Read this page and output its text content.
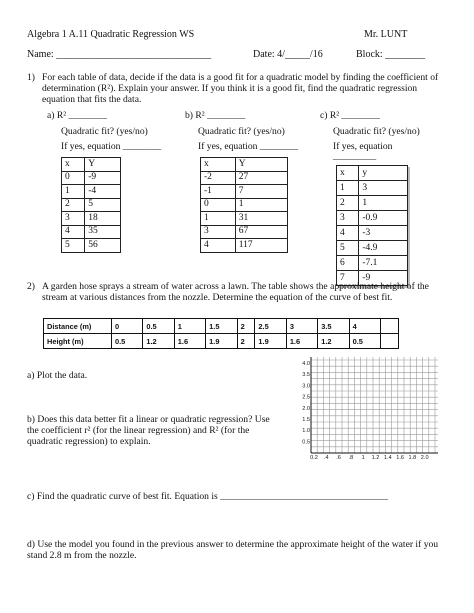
Algebra 1 A.11 Quadratic Regression WS	Mr. LUNT
Name: _______________________________	Date: 4/_____/16	Block: ________
1) For each table of data, decide if the data is a good fit for a quadratic model by finding the coefficient of determination (R²). Explain your answer. If you think it is a good fit, find the quadratic regression equation that fits the data.
a) R² ________
Quadratic fit? (yes/no)
If yes, equation ________
x	Y
0	-9
1	-4
2	5
3	18
4	35
5	56
b) R² ________
Quadratic fit? (yes/no)
If yes, equation ________
x	Y
-2	27
-1	7
0	1
1	31
3	67
4	117
c) R² ________
Quadratic fit? (yes/no)
If yes, equation
_________
x	y
1	3
2	1
3	-0.9
4	-3
5	-4.9
6	-7.1
7	-9
2) A garden hose sprays a stream of water across a lawn. The table shows the approximate height of the stream at various distances from the nozzle. Determine the equation of the curve of best fit.
Distance (m)	0	0.5	1	1.5	2	2.5	3	3.5	4	
Height (m)	0.5	1.2	1.6	1.9	2	1.9	1.6	1.2	0.5	
a) Plot the data.
b) Does this data better fit a linear or quadratic regression? Use the coefficient r² (for the linear regression) and R² (for the quadratic regression) to explain.
4.0
3.5
3.0
2.5
2.0
1.5
1.0
0.5
0.2 .4 .6 .8 1 1.2 1.4 1.6 1.8 2.0
c) Find the quadratic curve of best fit. Equation is ___________________________________
d) Use the model you found in the previous answer to determine the approximate height of the water if you stand 2.8 m from the nozzle.
